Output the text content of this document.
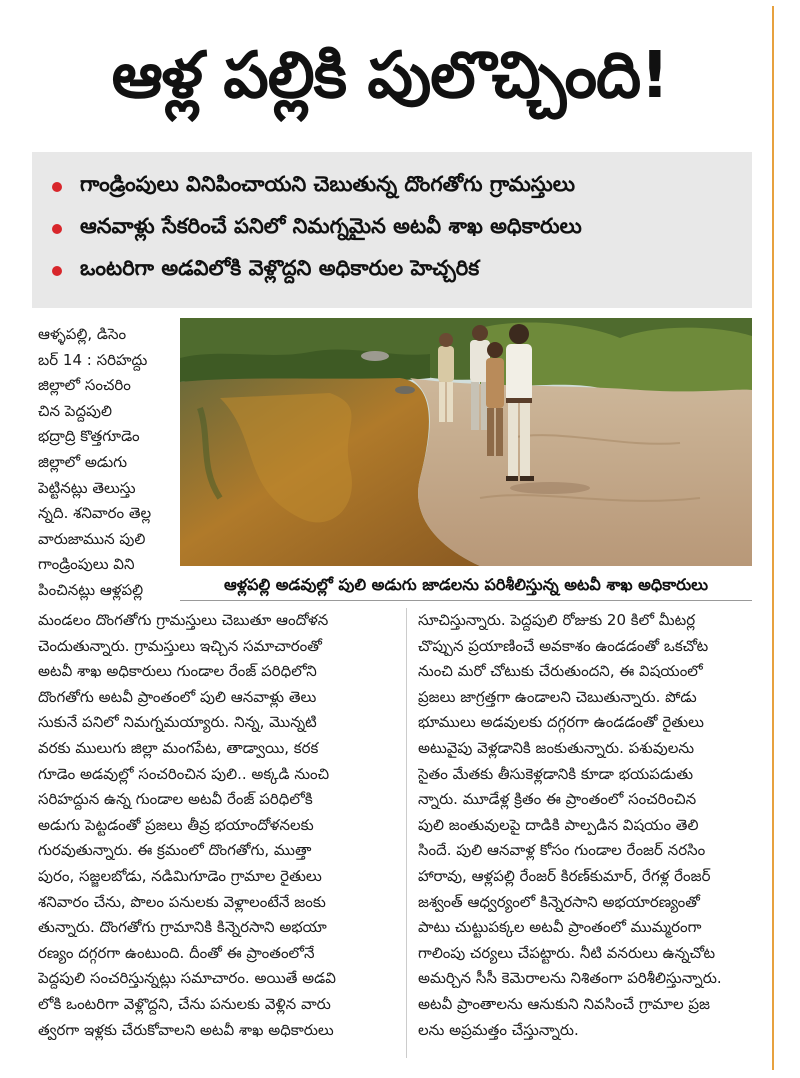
ఆళ్ల పల్లికి పులొచ్చింది!
గాండ్రింపులు వినిపించాయని చెబుతున్న దొంగతోగు గ్రామస్తులు
ఆనవాళ్లు సేకరించే పనిలో నిమగ్నమైన అటవీ శాఖ అధికారులు
ఒంటరిగా అడవిలోకి వెళ్లొద్దని అధికారుల హెచ్చరిక
ఆళ్లపల్లి అడవుల్లో పులి అడుగు జాడలను పరిశీలిస్తున్న అటవీ శాఖ అధికారులు
ఆళ్ళపల్లి, డిసెం
బర్ 14 : సరిహద్దు
జిల్లాలో సంచరిం
చిన పెద్దపులి
భద్రాద్రి కొత్తగూడెం
జిల్లాలో అడుగు
పెట్టినట్లు తెలుస్తు
న్నది. శనివారం తెల్ల
వారుజామున పులి
గాండ్రింపులు విని
పించినట్లు ఆళ్లపల్లి
మండలం దొంగతోగు గ్రామస్తులు చెబుతూ ఆందోళన
చెందుతున్నారు. గ్రామస్తులు ఇచ్చిన సమాచారంతో
అటవీ శాఖ అధికారులు గుండాల రేంజ్ పరిధిలోని
దొంగతోగు అటవీ ప్రాంతంలో పులి ఆనవాళ్లు తెలు
సుకునే పనిలో నిమగ్నమయ్యారు. నిన్న, మొన్నటి
వరకు ములుగు జిల్లా మంగపేట, తాడ్వాయి, కరక
గూడెం అడవుల్లో సంచరించిన పులి.. అక్కడి నుంచి
సరిహద్దున ఉన్న గుండాల అటవీ రేంజ్ పరిధిలోకి
అడుగు పెట్టడంతో ప్రజలు తీవ్ర భయాందోళనలకు
గురవుతున్నారు. ఈ క్రమంలో దొంగతోగు, ముత్తా
పురం, సజ్జలబోడు, నడిమిగూడెం గ్రామాల రైతులు
శనివారం చేను, పొలం పనులకు వెళ్లాలంటేనే జంకు
తున్నారు. దొంగతోగు గ్రామానికి కిన్నెరసాని అభయా
రణ్యం దగ్గరగా ఉంటుంది. దీంతో ఈ ప్రాంతంలోనే
పెద్దపులి సంచరిస్తున్నట్లు సమాచారం. అయితే అడవి
లోకి ఒంటరిగా వెళ్లొద్దని, చేను పనులకు వెళ్లిన వారు
త్వరగా ఇళ్లకు చేరుకోవాలని అటవీ శాఖ అధికారులు
సూచిస్తున్నారు. పెద్దపులి రోజుకు 20 కిలో మీటర్ల
చొప్పున ప్రయాణించే అవకాశం ఉండడంతో ఒకచోట
నుంచి మరో చోటుకు చేరుతుందని, ఈ విషయంలో
ప్రజలు జాగ్రత్తగా ఉండాలని చెబుతున్నారు. పోడు
భూములు అడవులకు దగ్గరగా ఉండడంతో రైతులు
అటువైపు వెళ్లడానికి జంకుతున్నారు. పశువులను
సైతం మేతకు తీసుకెళ్లడానికి కూడా భయపడుతు
న్నారు. మూడేళ్ల క్రితం ఈ ప్రాంతంలో సంచరించిన
పులి జంతువులపై దాడికి పాల్పడిన విషయం తెలి
సిందే. పులి ఆనవాళ్ల కోసం గుండాల రేంజర్ నరసిం
హారావు, ఆళ్లపల్లి రేంజర్ కిరణ్‌కుమార్, రేగళ్ల రేంజర్
జశ్వంత్ ఆధ్వర్యంలో కిన్నెరసాని అభయారణ్యంతో
పాటు చుట్టుపక్కల అటవీ ప్రాంతంలో ముమ్మరంగా
గాలింపు చర్యలు చేపట్టారు. నీటి వనరులు ఉన్నచోట
అమర్చిన సీసీ కెమెరాలను నిశితంగా పరిశీలిస్తున్నారు.
అటవీ ప్రాంతాలను ఆనుకుని నివసించే గ్రామాల ప్రజ
లను అప్రమత్తం చేస్తున్నారు.
